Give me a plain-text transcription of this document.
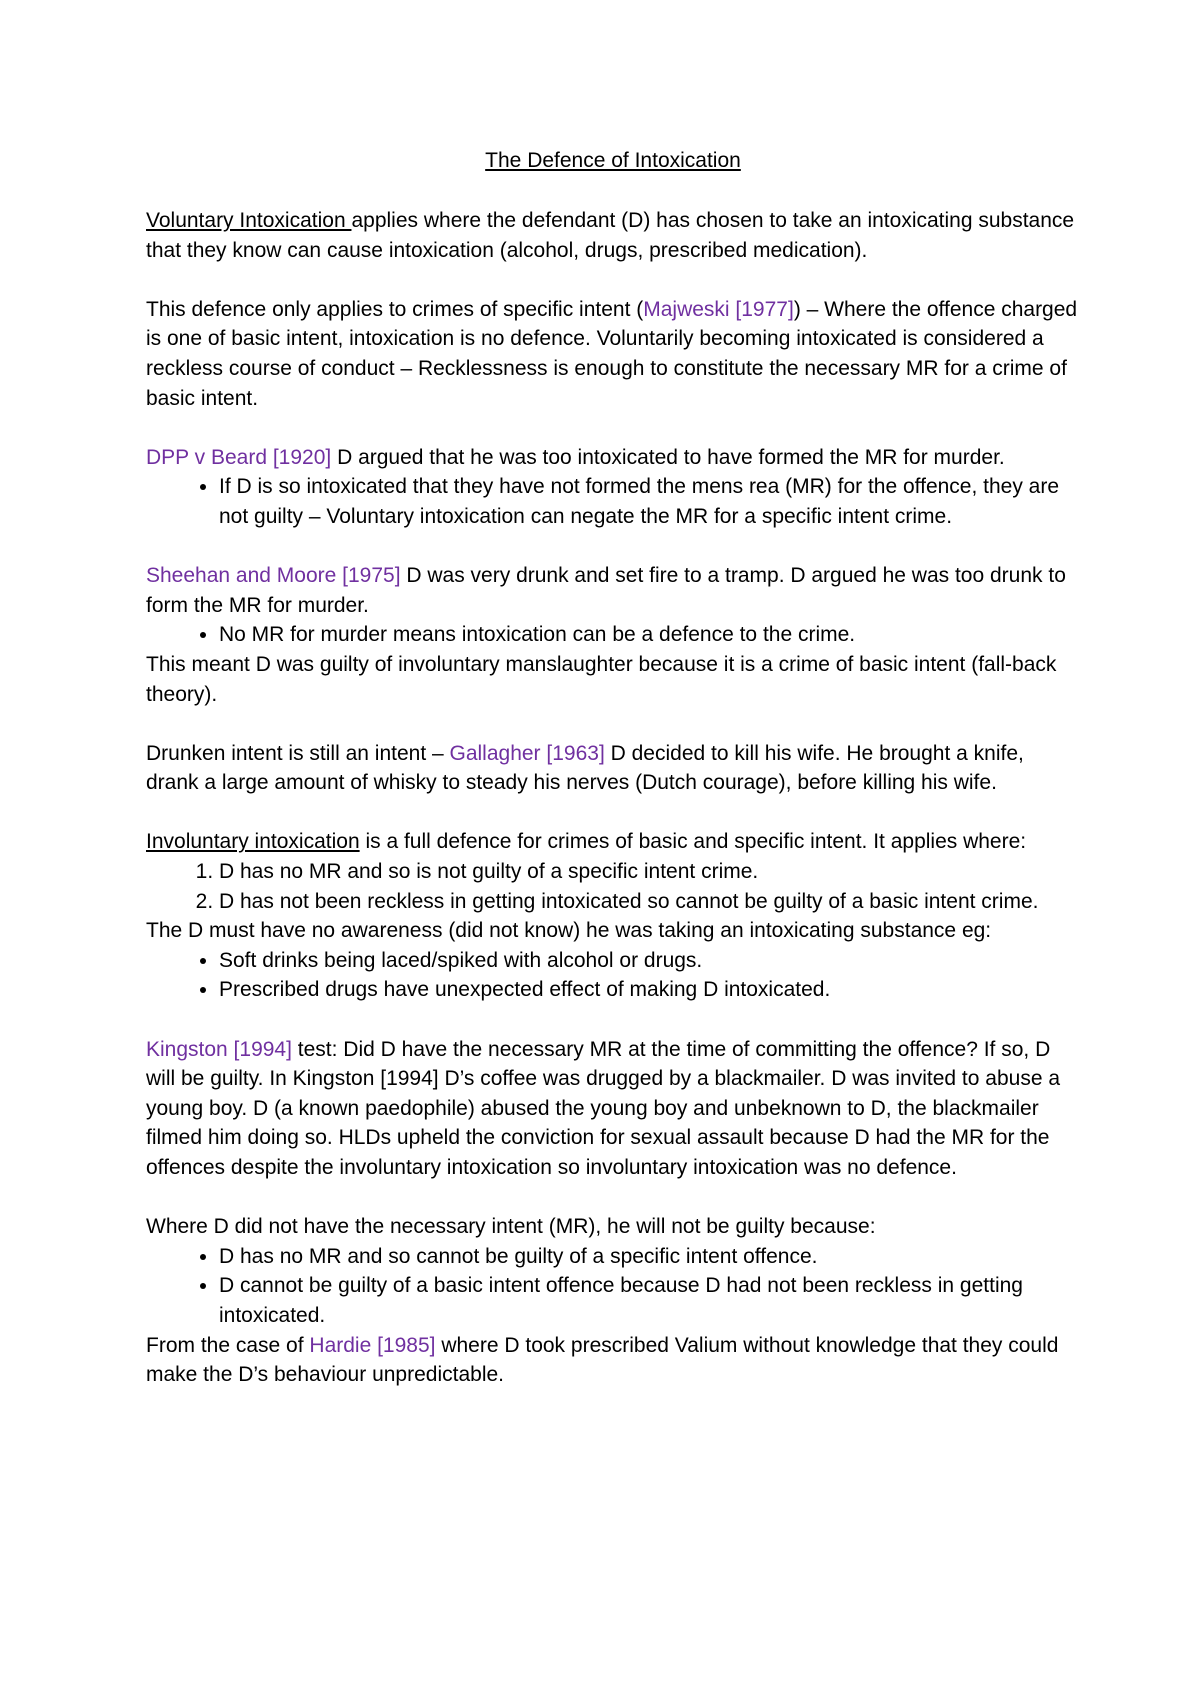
The Defence of Intoxication

Voluntary Intoxication applies where the defendant (D) has chosen to take an intoxicating substance that they know can cause intoxication (alcohol, drugs, prescribed medication).

This defence only applies to crimes of specific intent (Majweski [1977]) – Where the offence charged is one of basic intent, intoxication is no defence. Voluntarily becoming intoxicated is considered a reckless course of conduct – Recklessness is enough to constitute the necessary MR for a crime of basic intent.

DPP v Beard [1920] D argued that he was too intoxicated to have formed the MR for murder.

• If D is so intoxicated that they have not formed the mens rea (MR) for the offence, they are not guilty – Voluntary intoxication can negate the MR for a specific intent crime.

Sheehan and Moore [1975] D was very drunk and set fire to a tramp. D argued he was too drunk to form the MR for murder.

• No MR for murder means intoxication can be a defence to the crime.

This meant D was guilty of involuntary manslaughter because it is a crime of basic intent (fall-back theory).

Drunken intent is still an intent – Gallagher [1963] D decided to kill his wife. He brought a knife, drank a large amount of whisky to steady his nerves (Dutch courage), before killing his wife.

Involuntary intoxication is a full defence for crimes of basic and specific intent. It applies where:

1. D has no MR and so is not guilty of a specific intent crime.
2. D has not been reckless in getting intoxicated so cannot be guilty of a basic intent crime.

The D must have no awareness (did not know) he was taking an intoxicating substance eg:

• Soft drinks being laced/spiked with alcohol or drugs.
• Prescribed drugs have unexpected effect of making D intoxicated.

Kingston [1994] test: Did D have the necessary MR at the time of committing the offence? If so, D will be guilty. In Kingston [1994] D’s coffee was drugged by a blackmailer. D was invited to abuse a young boy. D (a known paedophile) abused the young boy and unbeknown to D, the blackmailer filmed him doing so. HLDs upheld the conviction for sexual assault because D had the MR for the offences despite the involuntary intoxication so involuntary intoxication was no defence.

Where D did not have the necessary intent (MR), he will not be guilty because:

• D has no MR and so cannot be guilty of a specific intent offence.
• D cannot be guilty of a basic intent offence because D had not been reckless in getting intoxicated.

From the case of Hardie [1985] where D took prescribed Valium without knowledge that they could make the D’s behaviour unpredictable.
